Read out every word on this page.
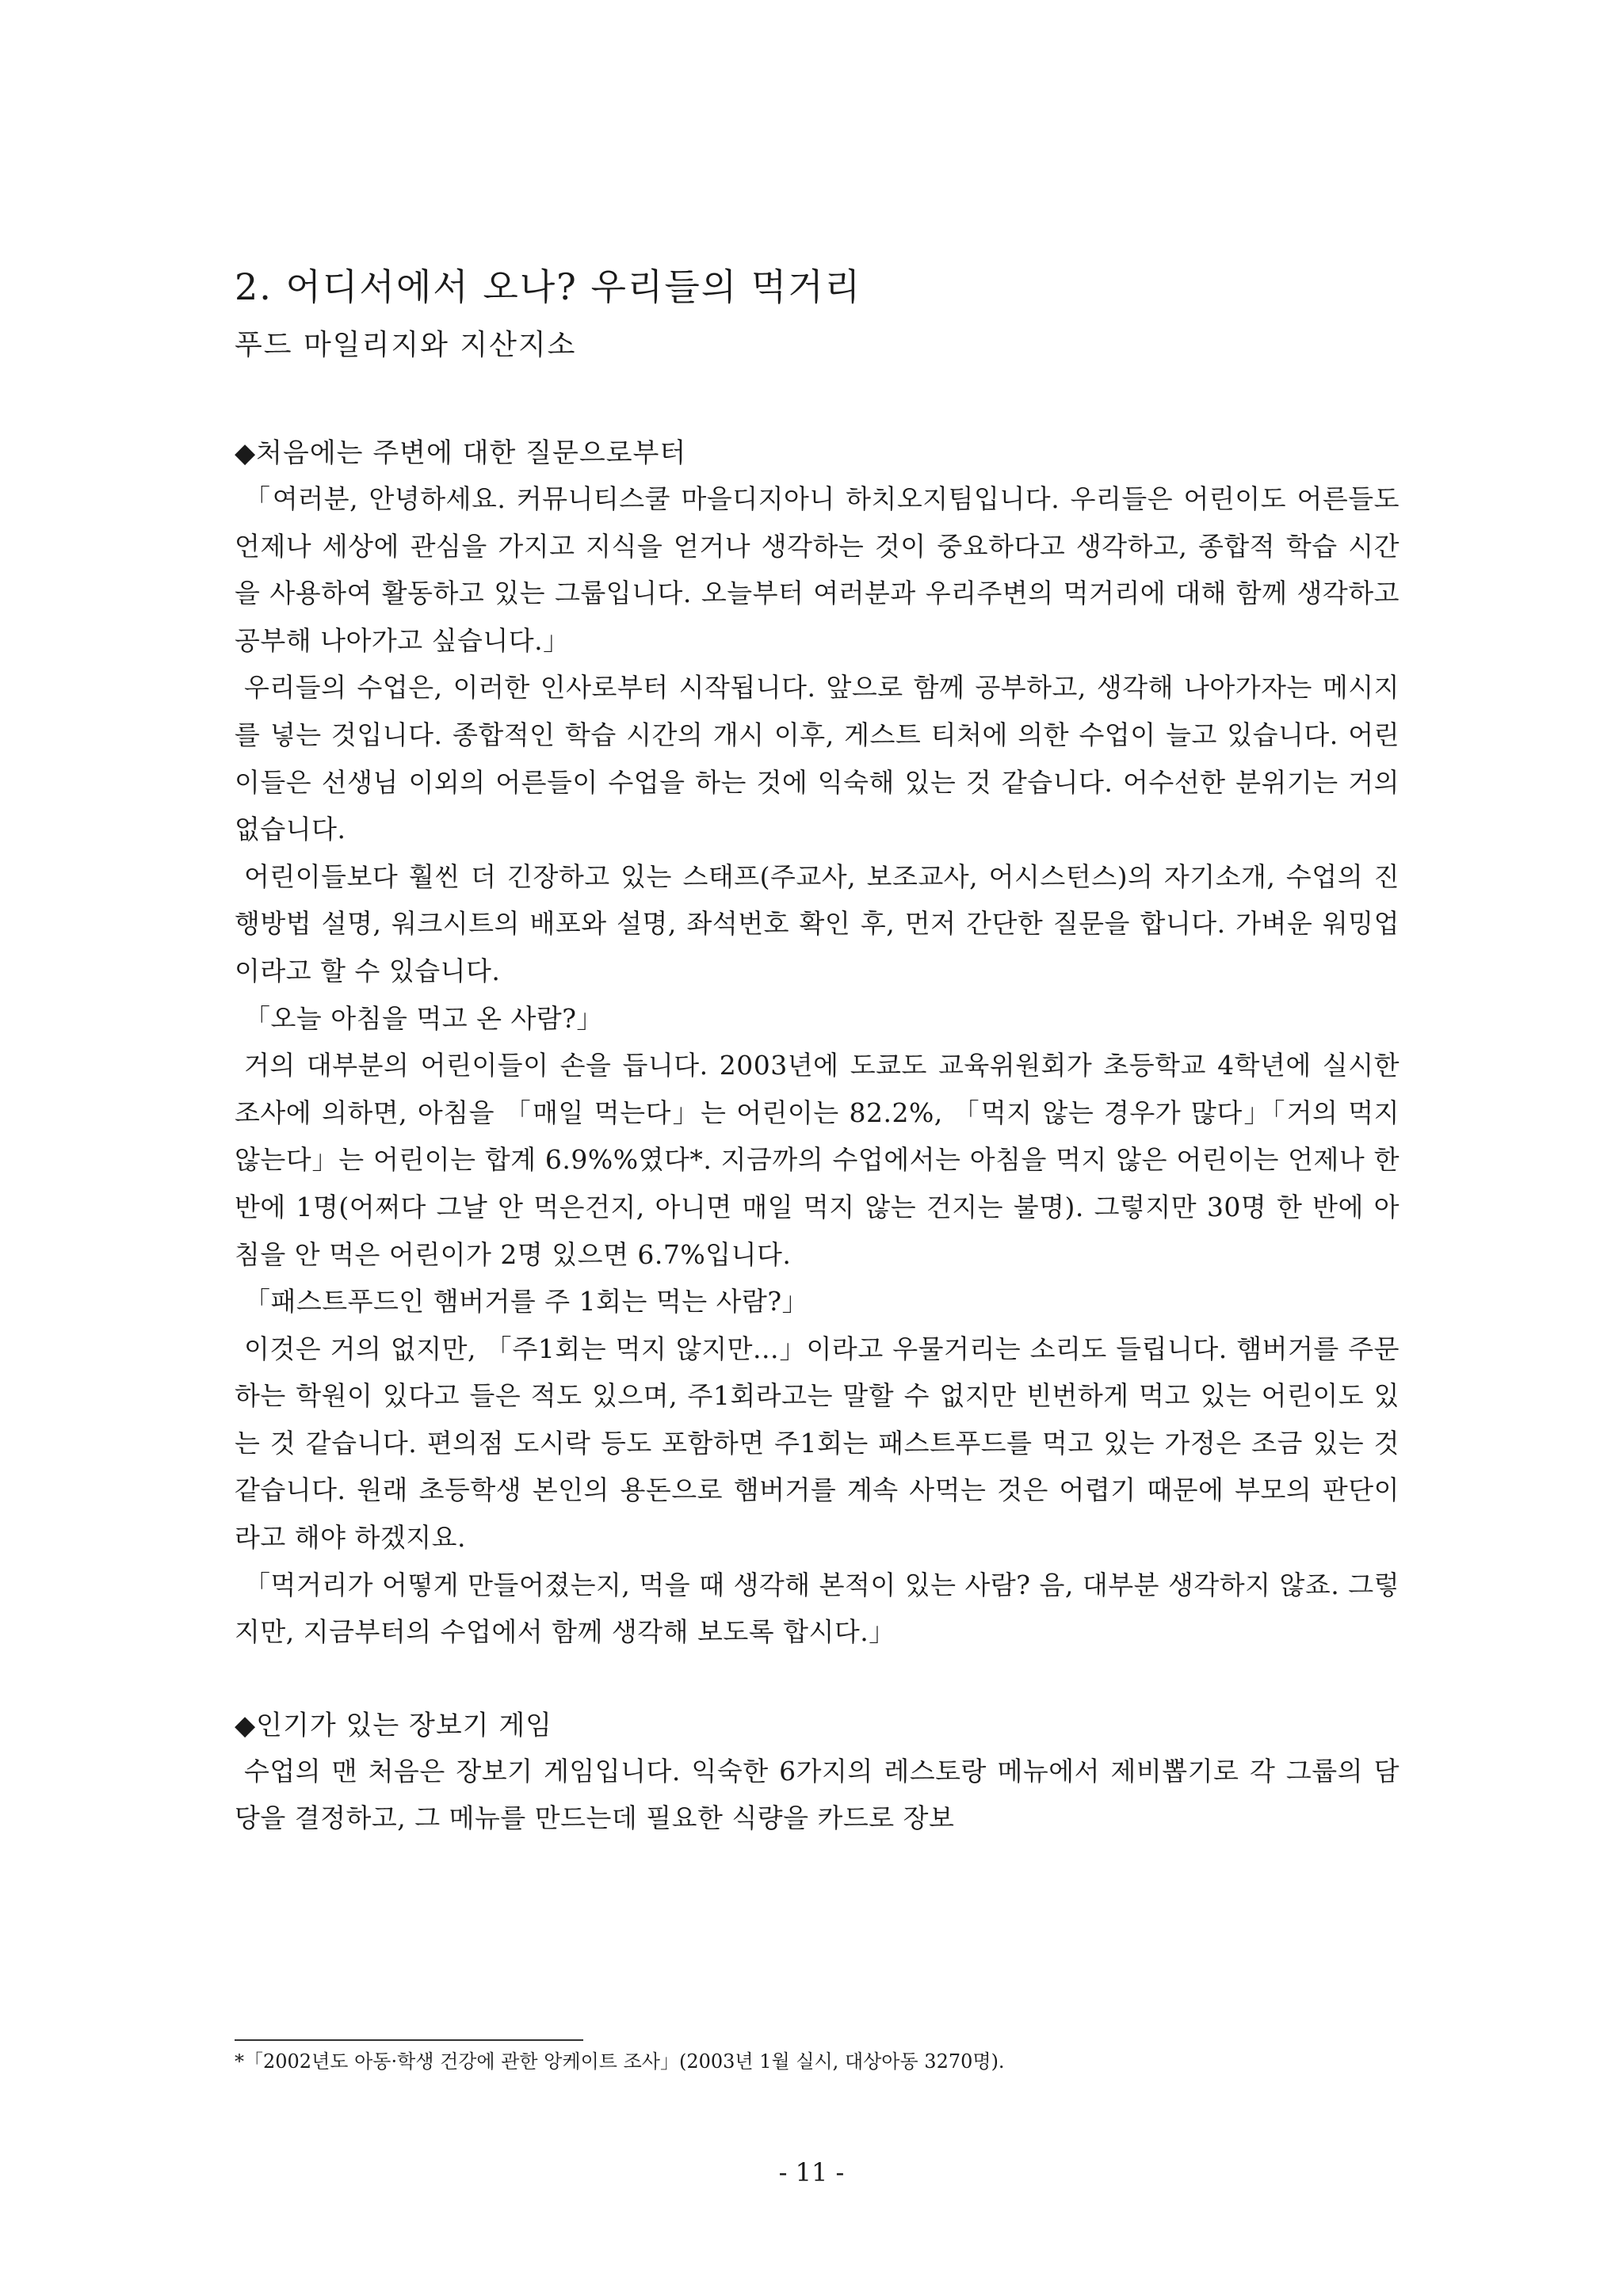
2. 어디서에서 오나? 우리들의 먹거리
푸드 마일리지와 지산지소
◆처음에는 주변에 대한 질문으로부터

「여러분, 안녕하세요. 커뮤니티스쿨 마을디지아니 하치오지팀입니다. 우리들은 어린이도 어른들도 언제나 세상에 관심을 가지고 지식을 얻거나 생각하는 것이 중요하다고 생각하고, 종합적 학습 시간을 사용하여 활동하고 있는 그룹입니다. 오늘부터 여러분과 우리주변의 먹거리에 대해 함께 생각하고 공부해 나아가고 싶습니다.」

우리들의 수업은, 이러한 인사로부터 시작됩니다. 앞으로 함께 공부하고, 생각해 나아가자는 메시지를 넣는 것입니다. 종합적인 학습 시간의 개시 이후, 게스트 티처에 의한 수업이 늘고 있습니다. 어린이들은 선생님 이외의 어른들이 수업을 하는 것에 익숙해 있는 것 같습니다. 어수선한 분위기는 거의 없습니다.

어린이들보다 훨씬 더 긴장하고 있는 스태프(주교사, 보조교사, 어시스턴스)의 자기소개, 수업의 진행방법 설명, 워크시트의 배포와 설명, 좌석번호 확인 후, 먼저 간단한 질문을 합니다. 가벼운 워밍업이라고 할 수 있습니다.

「오늘 아침을 먹고 온 사람?」

거의 대부분의 어린이들이 손을 듭니다. 2003년에 도쿄도 교육위원회가 초등학교 4학년에 실시한 조사에 의하면, 아침을 「매일 먹는다」는 어린이는 82.2%, 「먹지 않는 경우가 많다」「거의 먹지 않는다」는 어린이는 합계 6.9%%였다*. 지금까의 수업에서는 아침을 먹지 않은 어린이는 언제나 한 반에 1명(어쩌다 그날 안 먹은건지, 아니면 매일 먹지 않는 건지는 불명). 그렇지만 30명 한 반에 아침을 안 먹은 어린이가 2명 있으면 6.7%입니다.

「패스트푸드인 햄버거를 주 1회는 먹는 사람?」

이것은 거의 없지만, 「주1회는 먹지 않지만...」이라고 우물거리는 소리도 들립니다. 햄버거를 주문하는 학원이 있다고 들은 적도 있으며, 주1회라고는 말할 수 없지만 빈번하게 먹고 있는 어린이도 있는 것 같습니다. 편의점 도시락 등도 포함하면 주1회는 패스트푸드를 먹고 있는 가정은 조금 있는 것 같습니다. 원래 초등학생 본인의 용돈으로 햄버거를 계속 사먹는 것은 어렵기 때문에 부모의 판단이라고 해야 하겠지요.

「먹거리가 어떻게 만들어졌는지, 먹을 때 생각해 본적이 있는 사람? 음, 대부분 생각하지 않죠. 그렇지만, 지금부터의 수업에서 함께 생각해 보도록 합시다.」

◆인기가 있는 장보기 게임

수업의 맨 처음은 장보기 게임입니다. 익숙한 6가지의 레스토랑 메뉴에서 제비뽑기로 각 그룹의 담당을 결정하고, 그 메뉴를 만드는데 필요한 식량을 카드로 장보

*「2002년도 아동·학생 건강에 관한 앙케이트 조사」(2003년 1월 실시, 대상아동 3270명).
- 11 -
